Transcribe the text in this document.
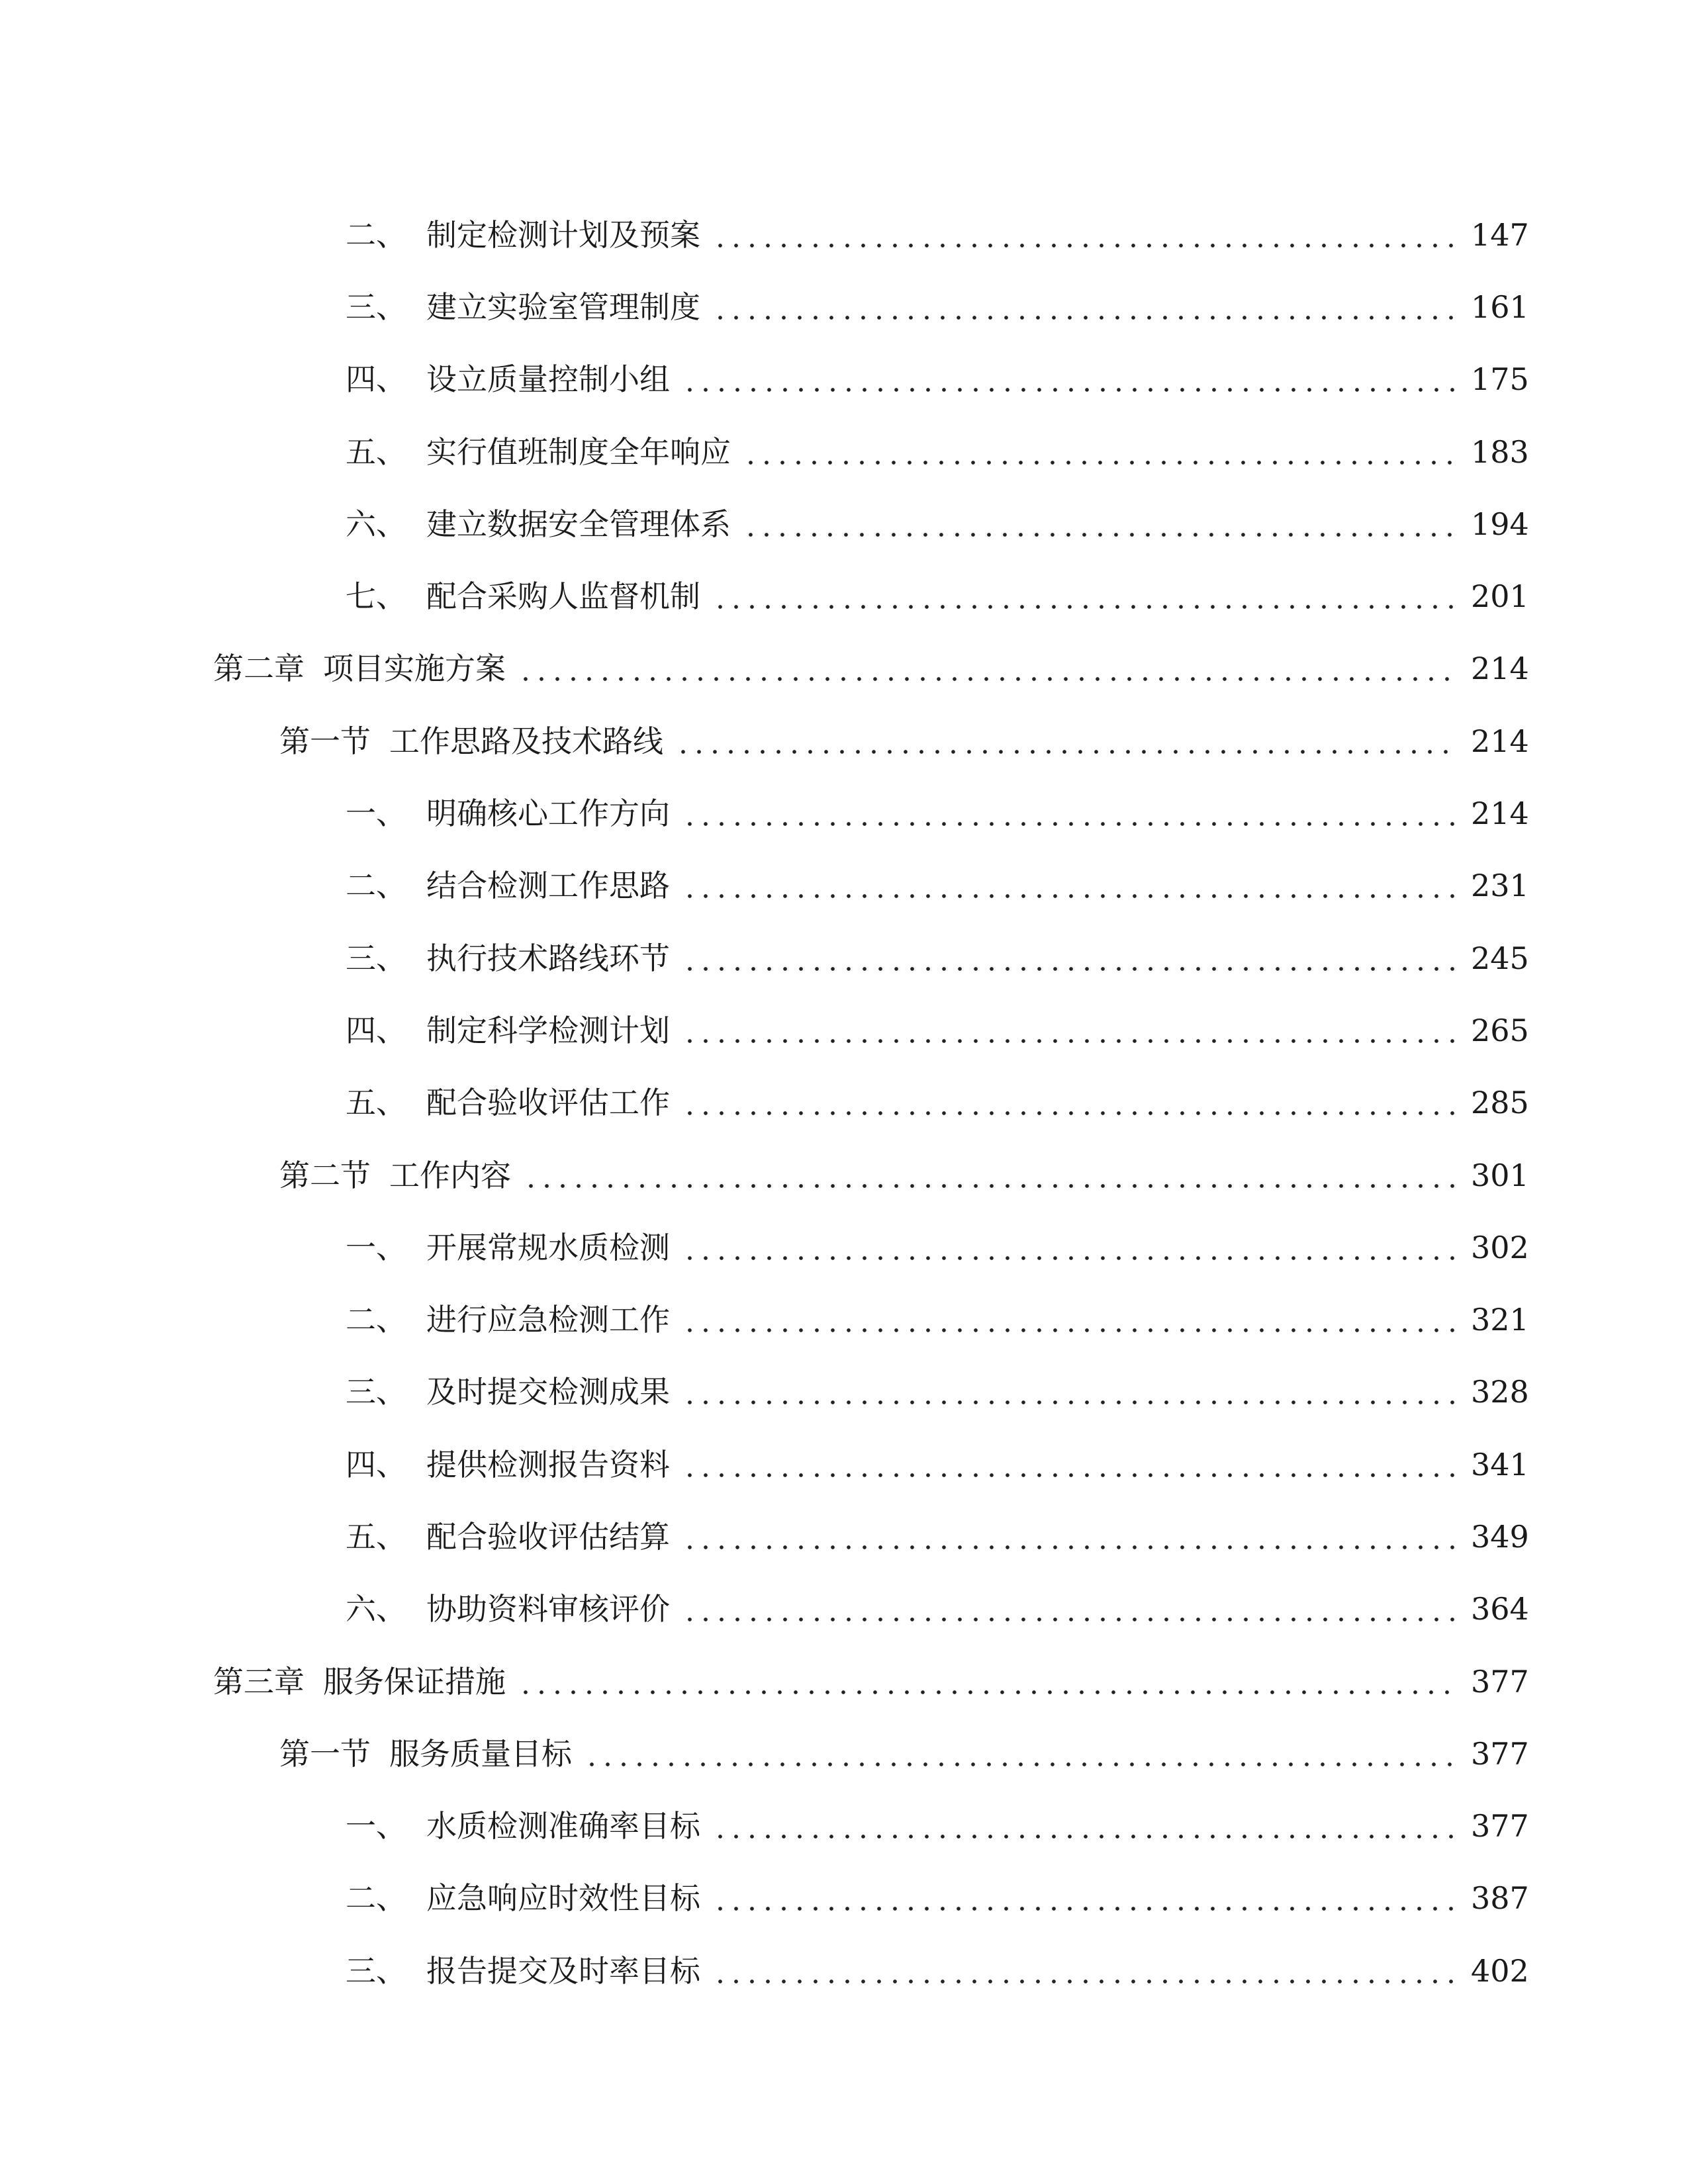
二、 制定检测计划及预案	147
三、 建立实验室管理制度	161
四、 设立质量控制小组	175
五、 实行值班制度全年响应	183
六、 建立数据安全管理体系	194
七、 配合采购人监督机制	201
第二章 项目实施方案	214
第一节 工作思路及技术路线	214
一、 明确核心工作方向	214
二、 结合检测工作思路	231
三、 执行技术路线环节	245
四、 制定科学检测计划	265
五、 配合验收评估工作	285
第二节 工作内容	301
一、 开展常规水质检测	302
二、 进行应急检测工作	321
三、 及时提交检测成果	328
四、 提供检测报告资料	341
五、 配合验收评估结算	349
六、 协助资料审核评价	364
第三章 服务保证措施	377
第一节 服务质量目标	377
一、 水质检测准确率目标	377
二、 应急响应时效性目标	387
三、 报告提交及时率目标	402
